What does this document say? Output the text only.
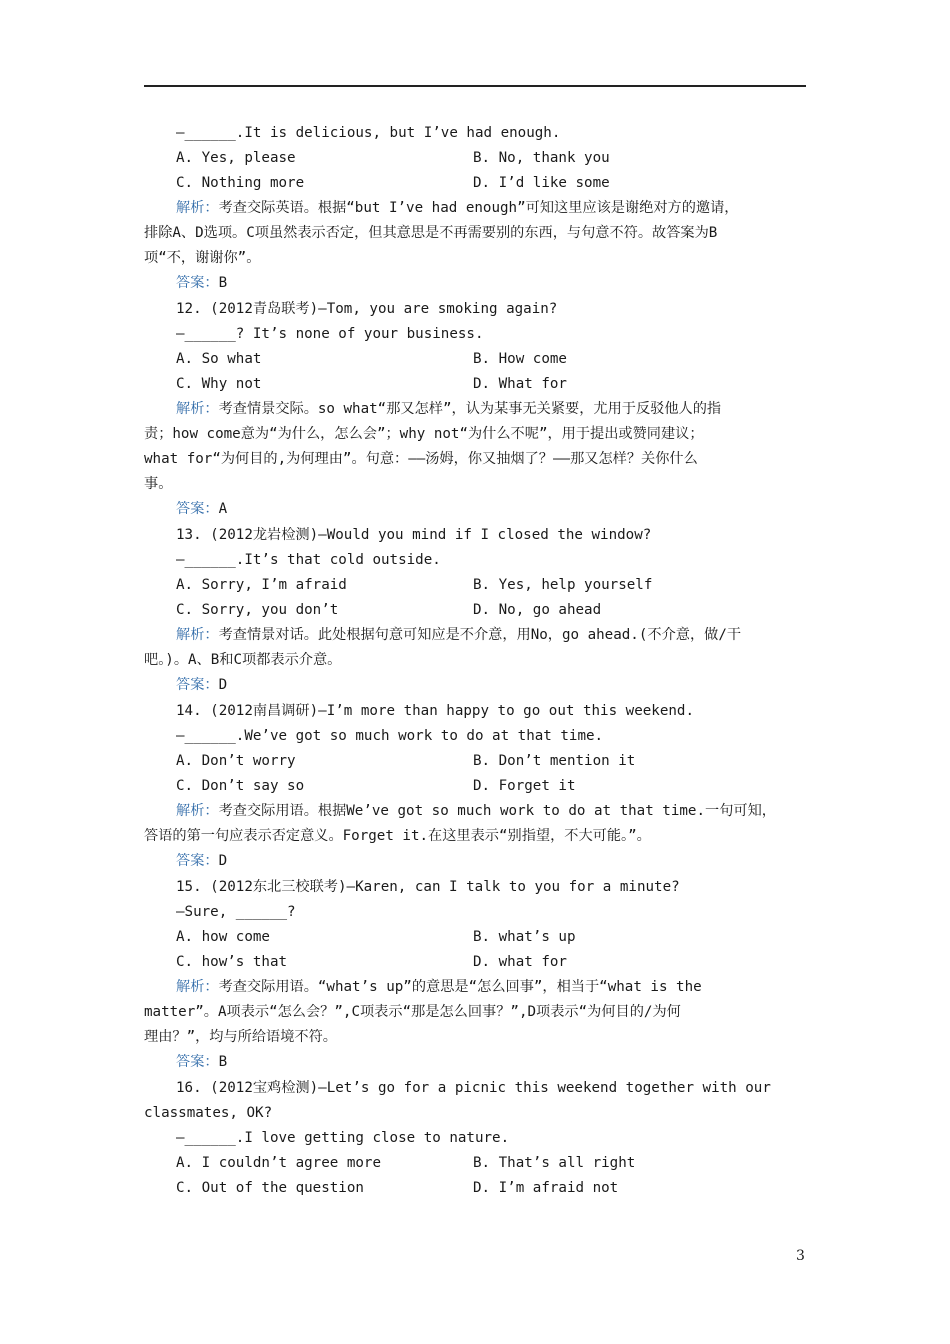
—______.It is delicious, but I’ve had enough.
A. Yes, please	B. No, thank you
C. Nothing more	D. I’d like some
解析：考查交际英语。根据“but I’ve had enough”可知这里应该是谢绝对方的邀请，
排除A、D选项。C项虽然表示否定，但其意思是不再需要别的东西，与句意不符。故答案为B
项“不，谢谢你”。
答案：B
12. (2012青岛联考)—Tom, you are smoking again?
—______? It’s none of your business.
A. So what	B. How come
C. Why not	D. What for
解析：考查情景交际。so what“那又怎样”，认为某事无关紧要，尤用于反驳他人的指
责；how come意为“为什么，怎么会”；why not“为什么不呢”，用于提出或赞同建议；
what for“为何目的,为何理由”。句意：——汤姆，你又抽烟了？——那又怎样？关你什么
事。
答案：A
13. (2012龙岩检测)—Would you mind if I closed the window?
—______.It’s that cold outside.
A. Sorry, I’m afraid	B. Yes, help yourself
C. Sorry, you don’t	D. No, go ahead
解析：考查情景对话。此处根据句意可知应是不介意，用No，go ahead.(不介意，做/干
吧。)。A、B和C项都表示介意。
答案：D
14. (2012南昌调研)—I’m more than happy to go out this weekend.
—______.We’ve got so much work to do at that time.
A. Don’t worry	B. Don’t mention it
C. Don’t say so	D. Forget it
解析：考查交际用语。根据We’ve got so much work to do at that time.一句可知，
答语的第一句应表示否定意义。Forget it.在这里表示“别指望，不大可能。”。
答案：D
15. (2012东北三校联考)—Karen, can I talk to you for a minute?
—Sure, ______?
A. how come	B. what’s up
C. how’s that	D. what for
解析：考查交际用语。“what’s up”的意思是“怎么回事”，相当于“what is the
matter”。A项表示“怎么会？”,C项表示“那是怎么回事？”,D项表示“为何目的/为何
理由？”，均与所给语境不符。
答案：B
16. (2012宝鸡检测)—Let’s go for a picnic this weekend together with our
classmates, OK?
—______.I love getting close to nature.
A. I couldn’t agree more	B. That’s all right
C. Out of the question	D. I’m afraid not
3
